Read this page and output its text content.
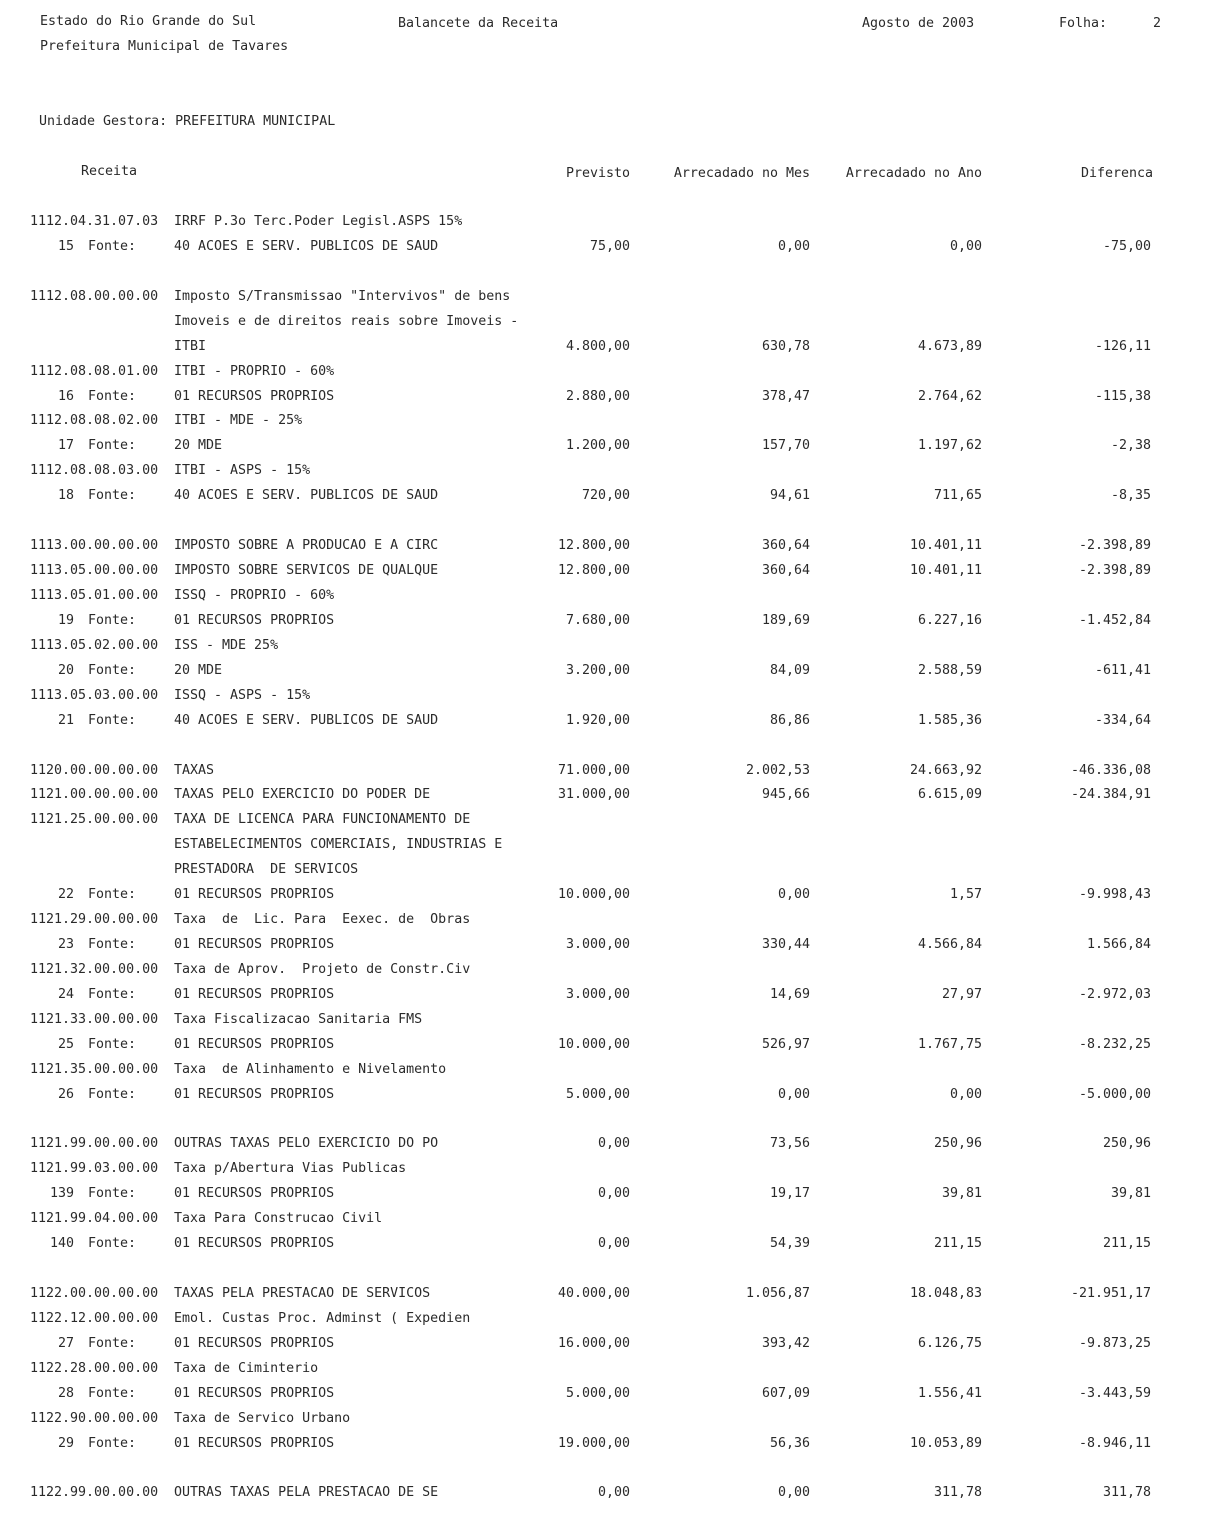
Estado do Rio Grande do Sul
Prefeitura Municipal de Tavares
Balancete da Receita	Agosto de 2003	Folha:	2
Unidade Gestora: PREFEITURA MUNICIPAL
Receita	Previsto	Arrecadado no Mes	Arrecadado no Ano	Diferenca
1112.04.31.07.03 IRRF P.3o Terc.Poder Legisl.ASPS 15%
15 Fonte:	40 ACOES E SERV. PUBLICOS DE SAUD	75,00	0,00	0,00	-75,00
1112.08.00.00.00 Imposto S/Transmissao "Intervivos" de bens
Imoveis e de direitos reais sobre Imoveis -
ITBI	4.800,00	630,78	4.673,89	-126,11
1112.08.08.01.00 ITBI - PROPRIO - 60%
16 Fonte:	01 RECURSOS PROPRIOS	2.880,00	378,47	2.764,62	-115,38
1112.08.08.02.00 ITBI - MDE - 25%
17 Fonte:	20 MDE	1.200,00	157,70	1.197,62	-2,38
1112.08.08.03.00 ITBI - ASPS - 15%
18 Fonte:	40 ACOES E SERV. PUBLICOS DE SAUD	720,00	94,61	711,65	-8,35
1113.00.00.00.00 IMPOSTO SOBRE A PRODUCAO E A CIRC	12.800,00	360,64	10.401,11	-2.398,89
1113.05.00.00.00 IMPOSTO SOBRE SERVICOS DE QUALQUE	12.800,00	360,64	10.401,11	-2.398,89
1113.05.01.00.00 ISSQ - PROPRIO - 60%
19 Fonte:	01 RECURSOS PROPRIOS	7.680,00	189,69	6.227,16	-1.452,84
1113.05.02.00.00 ISS - MDE 25%
20 Fonte:	20 MDE	3.200,00	84,09	2.588,59	-611,41
1113.05.03.00.00 ISSQ - ASPS - 15%
21 Fonte:	40 ACOES E SERV. PUBLICOS DE SAUD	1.920,00	86,86	1.585,36	-334,64
1120.00.00.00.00 TAXAS	71.000,00	2.002,53	24.663,92	-46.336,08
1121.00.00.00.00 TAXAS PELO EXERCICIO DO PODER DE	31.000,00	945,66	6.615,09	-24.384,91
1121.25.00.00.00 TAXA DE LICENCA PARA FUNCIONAMENTO DE
ESTABELECIMENTOS COMERCIAIS, INDUSTRIAS E
PRESTADORA  DE SERVICOS
22 Fonte:	01 RECURSOS PROPRIOS	10.000,00	0,00	1,57	-9.998,43
1121.29.00.00.00 Taxa  de  Lic. Para  Eexec. de  Obras
23 Fonte:	01 RECURSOS PROPRIOS	3.000,00	330,44	4.566,84	1.566,84
1121.32.00.00.00 Taxa de Aprov.  Projeto de Constr.Civ
24 Fonte:	01 RECURSOS PROPRIOS	3.000,00	14,69	27,97	-2.972,03
1121.33.00.00.00 Taxa Fiscalizacao Sanitaria FMS
25 Fonte:	01 RECURSOS PROPRIOS	10.000,00	526,97	1.767,75	-8.232,25
1121.35.00.00.00 Taxa  de Alinhamento e Nivelamento
26 Fonte:	01 RECURSOS PROPRIOS	5.000,00	0,00	0,00	-5.000,00
1121.99.00.00.00 OUTRAS TAXAS PELO EXERCICIO DO PO	0,00	73,56	250,96	250,96
1121.99.03.00.00 Taxa p/Abertura Vias Publicas
139 Fonte:	01 RECURSOS PROPRIOS	0,00	19,17	39,81	39,81
1121.99.04.00.00 Taxa Para Construcao Civil
140 Fonte:	01 RECURSOS PROPRIOS	0,00	54,39	211,15	211,15
1122.00.00.00.00 TAXAS PELA PRESTACAO DE SERVICOS	40.000,00	1.056,87	18.048,83	-21.951,17
1122.12.00.00.00 Emol. Custas Proc. Adminst ( Expedien
27 Fonte:	01 RECURSOS PROPRIOS	16.000,00	393,42	6.126,75	-9.873,25
1122.28.00.00.00 Taxa de Ciminterio
28 Fonte:	01 RECURSOS PROPRIOS	5.000,00	607,09	1.556,41	-3.443,59
1122.90.00.00.00 Taxa de Servico Urbano
29 Fonte:	01 RECURSOS PROPRIOS	19.000,00	56,36	10.053,89	-8.946,11
1122.99.00.00.00 OUTRAS TAXAS PELA PRESTACAO DE SE	0,00	0,00	311,78	311,78
